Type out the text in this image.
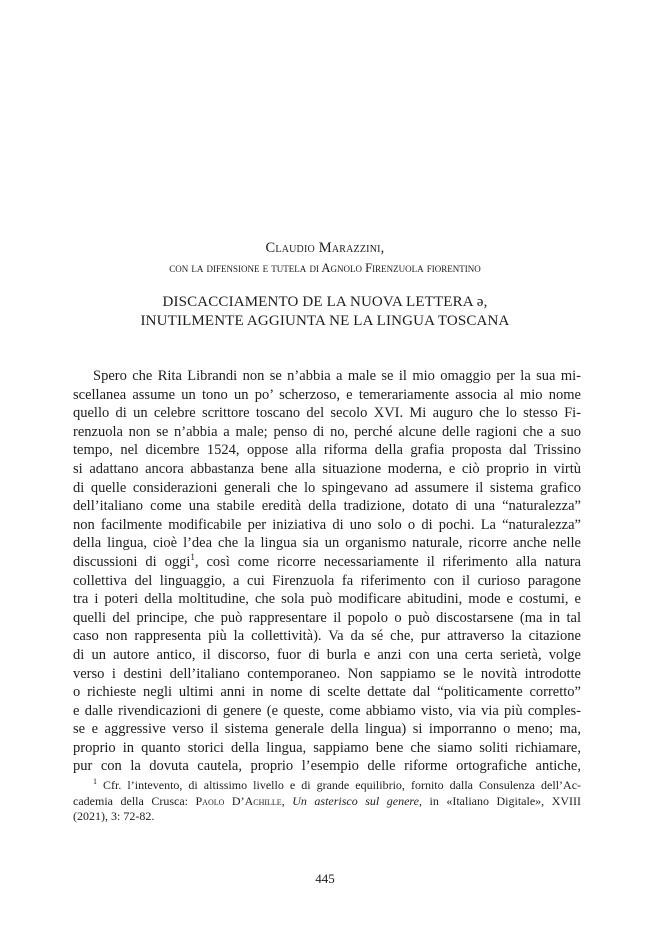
Claudio Marazzini,

con la difensione e tutela di Agnolo Firenzuola fiorentino

DISCACCIAMENTO DE LA NUOVA LETTERA ə,
INUTILMENTE AGGIUNTA NE LA LINGUA TOSCANA
Spero che Rita Librandi non se n’abbia a male se il mio omaggio per la sua mi-
scellanea assume un tono un po’ scherzoso, e temerariamente associa al mio nome
quello di un celebre scrittore toscano del secolo XVI. Mi auguro che lo stesso Fi-
renzuola non se n’abbia a male; penso di no, perché alcune delle ragioni che a suo
tempo, nel dicembre 1524, oppose alla riforma della grafia proposta dal Trissino
si adattano ancora abbastanza bene alla situazione moderna, e ciò proprio in virtù
di quelle considerazioni generali che lo spingevano ad assumere il sistema grafico
dell’italiano come una stabile eredità della tradizione, dotato di una “naturalezza”
non facilmente modificabile per iniziativa di uno solo o di pochi. La “naturalezza”
della lingua, cioè l’dea che la lingua sia un organismo naturale, ricorre anche nelle
discussioni di oggi$^1$, così come ricorre necessariamente il riferimento alla natura
collettiva del linguaggio, a cui Firenzuola fa riferimento con il curioso paragone
tra i poteri della moltitudine, che sola può modificare abitudini, mode e costumi, e
quelli del principe, che può rappresentare il popolo o può discostarsene (ma in tal
caso non rappresenta più la collettività). Va da sé che, pur attraverso la citazione
di un autore antico, il discorso, fuor di burla e anzi con una certa serietà, volge
verso i destini dell’italiano contemporaneo. Non sappiamo se le novità introdotte
o richieste negli ultimi anni in nome di scelte dettate dal “politicamente corretto”
e dalle rivendicazioni di genere (e queste, come abbiamo visto, via via più comples-
se e aggressive verso il sistema generale della lingua) si imporranno o meno; ma,
proprio in quanto storici della lingua, sappiamo bene che siamo soliti richiamare,
pur con la dovuta cautela, proprio l’esempio delle riforme ortografiche antiche,
$^1$ Cfr. l’intevento, di altissimo livello e di grande equilibrio, fornito dalla Consulenza dell’Ac-
cademia della Crusca: Paolo D’Achille, Un asterisco sul genere, in «Italiano Digitale», XVIII
(2021), 3: 72-82.

445
